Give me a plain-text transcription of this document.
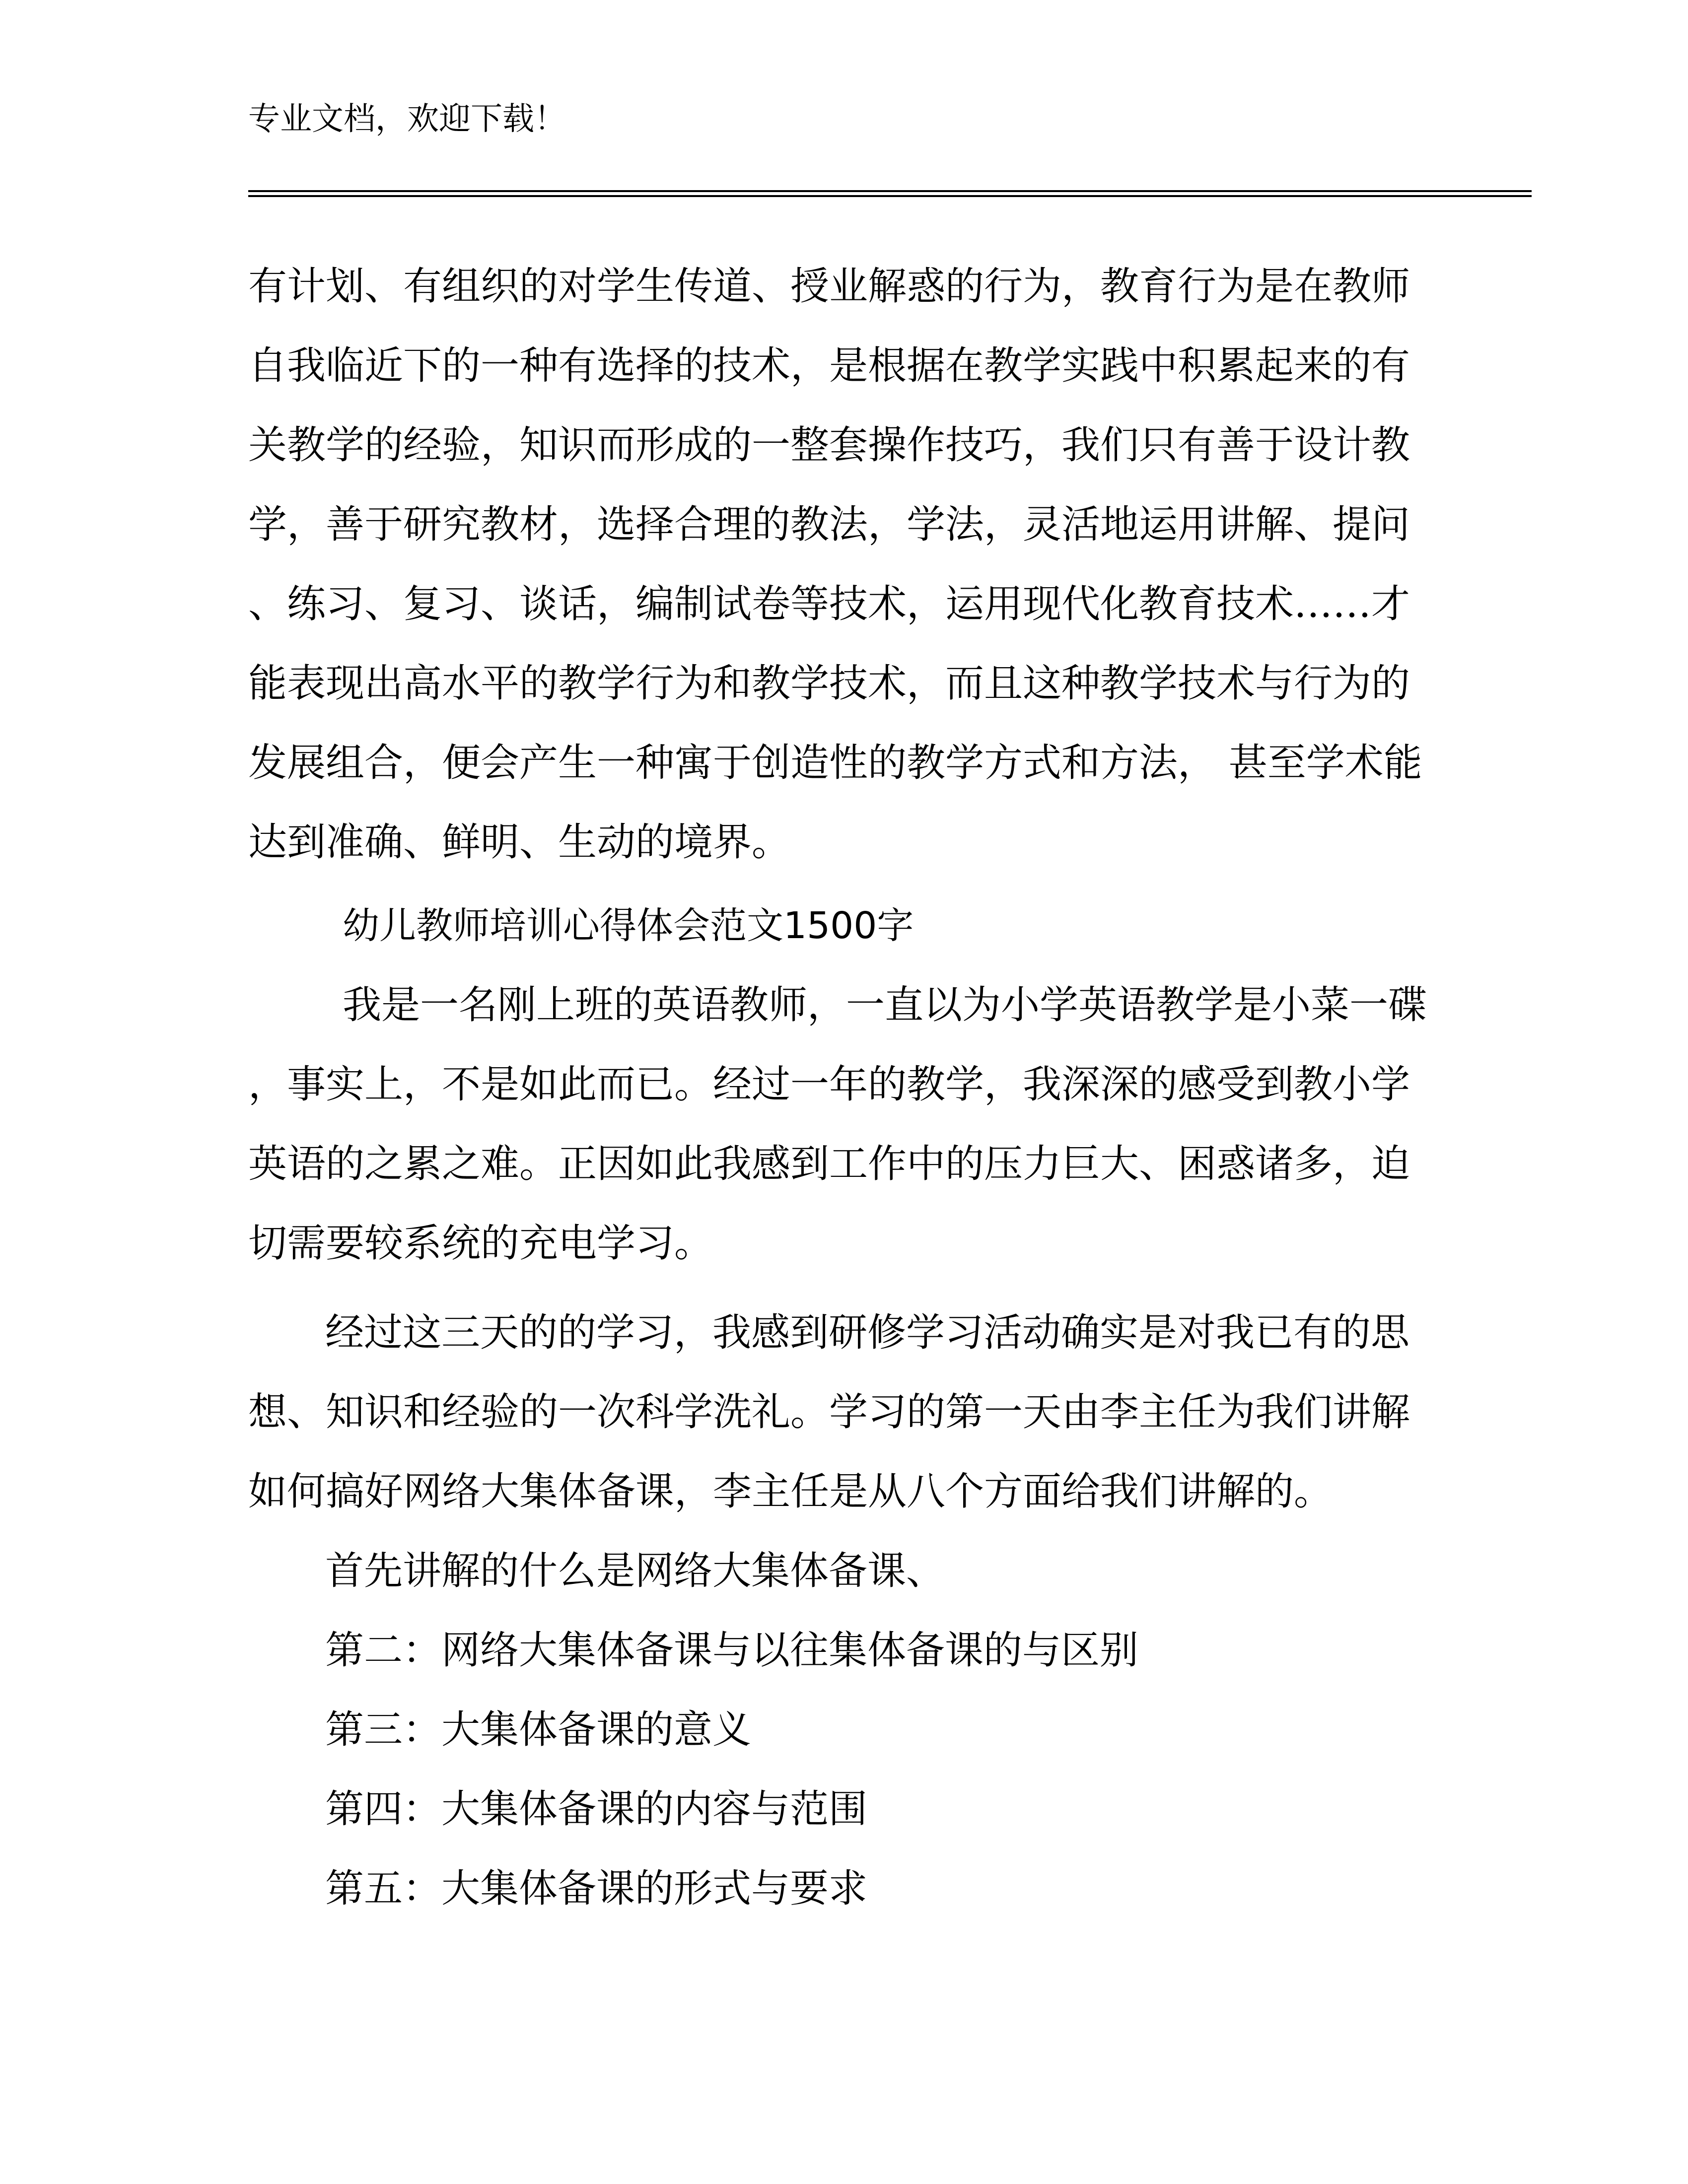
专业文档，欢迎下载！
有计划、有组织的对学生传道、授业解惑的行为，教育行为是在教师
自我临近下的一种有选择的技术，是根据在教学实践中积累起来的有
关教学的经验，知识而形成的一整套操作技巧，我们只有善于设计教
学，善于研究教材，选择合理的教法，学法，灵活地运用讲解、提问
、练习、复习、谈话，编制试卷等技术，运用现代化教育技术……才
能表现出高水平的教学行为和教学技术，而且这种教学技术与行为的
发展组合，便会产生一种寓于创造性的教学方式和方法， 甚至学术能
达到准确、鲜明、生动的境界。
幼儿教师培训心得体会范文1500字
我是一名刚上班的英语教师，一直以为小学英语教学是小菜一碟
，事实上，不是如此而已。经过一年的教学，我深深的感受到教小学
英语的之累之难。正因如此我感到工作中的压力巨大、困惑诸多，迫
切需要较系统的充电学习。
经过这三天的的学习，我感到研修学习活动确实是对我已有的思
想、知识和经验的一次科学洗礼。学习的第一天由李主任为我们讲解
如何搞好网络大集体备课，李主任是从八个方面给我们讲解的。
首先讲解的什么是网络大集体备课、
第二：网络大集体备课与以往集体备课的与区别
第三：大集体备课的意义
第四：大集体备课的内容与范围
第五：大集体备课的形式与要求
